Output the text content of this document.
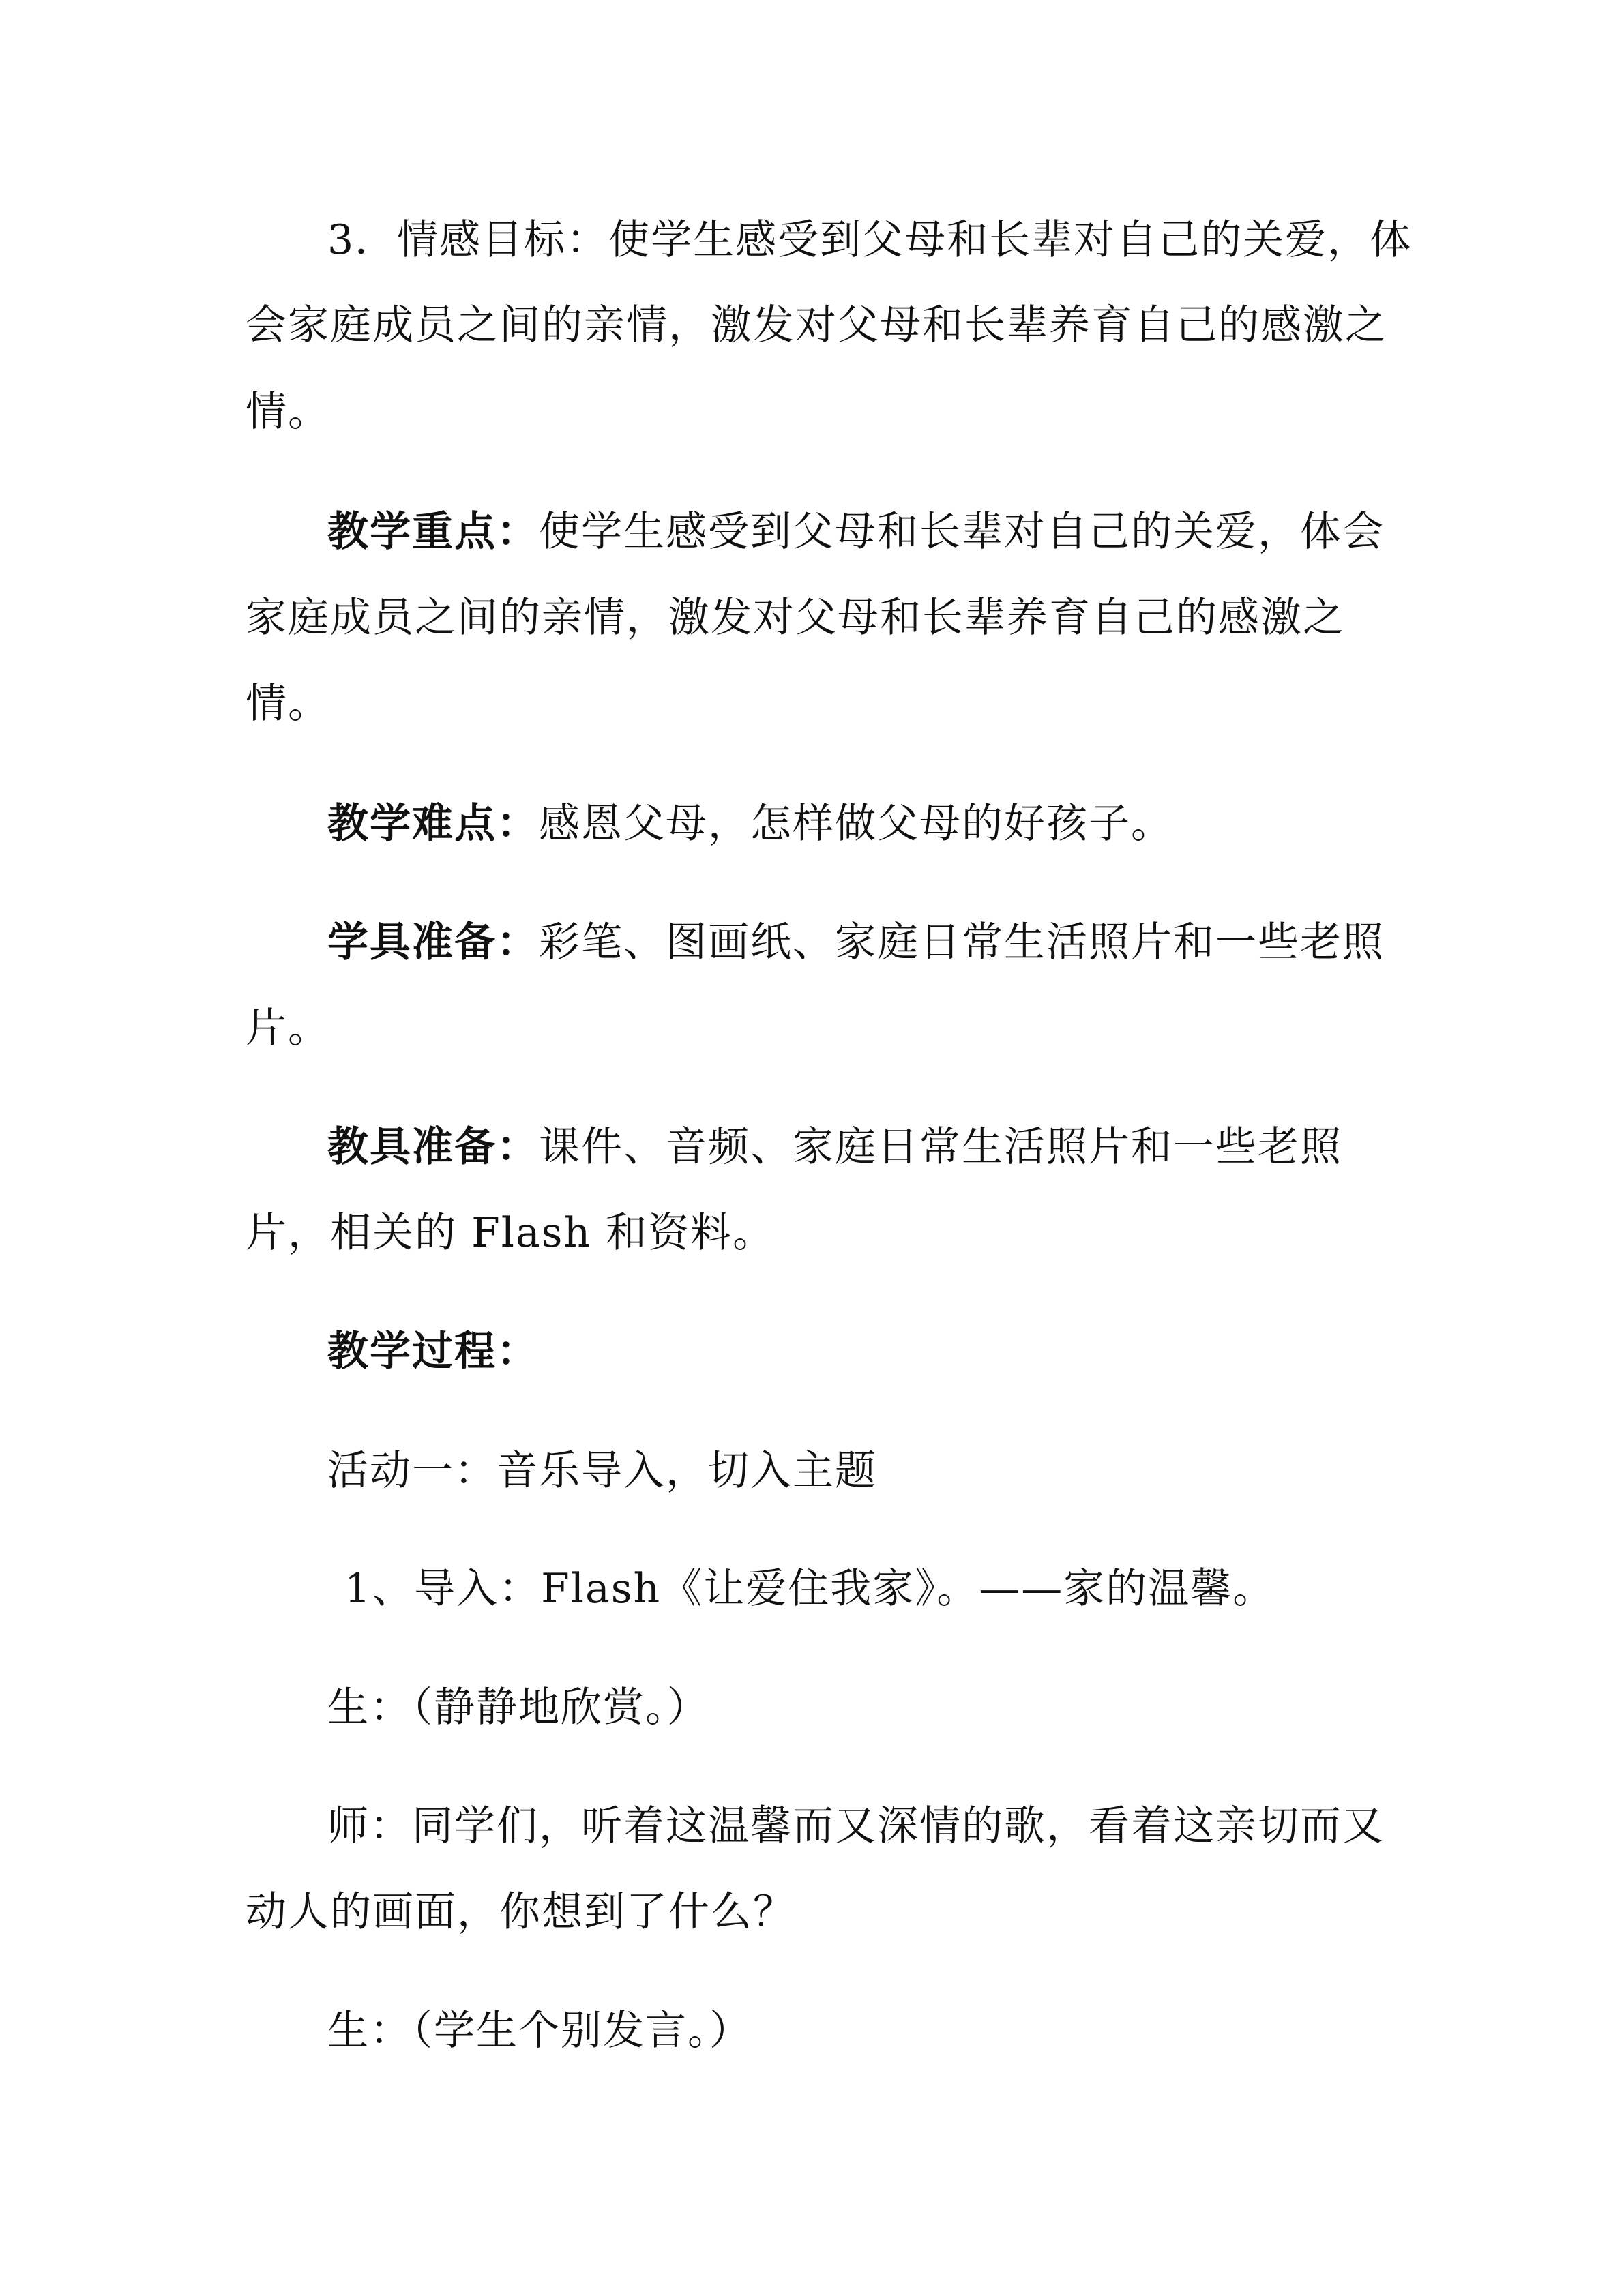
3．情感目标：使学生感受到父母和长辈对自己的关爱，体
会家庭成员之间的亲情，激发对父母和长辈养育自己的感激之
情。
教学重点：使学生感受到父母和长辈对自己的关爱，体会
家庭成员之间的亲情，激发对父母和长辈养育自己的感激之
情。
教学难点：感恩父母，怎样做父母的好孩子。
学具准备：彩笔、图画纸、家庭日常生活照片和一些老照
片。
教具准备：课件、音频、家庭日常生活照片和一些老照
片，相关的 Flash 和资料。
教学过程：
活动一：音乐导入，切入主题
1、导入：Flash《让爱住我家》。——家的温馨。
生：（静静地欣赏。）
师：同学们，听着这温馨而又深情的歌，看着这亲切而又
动人的画面，你想到了什么？
生：（学生个别发言。）
